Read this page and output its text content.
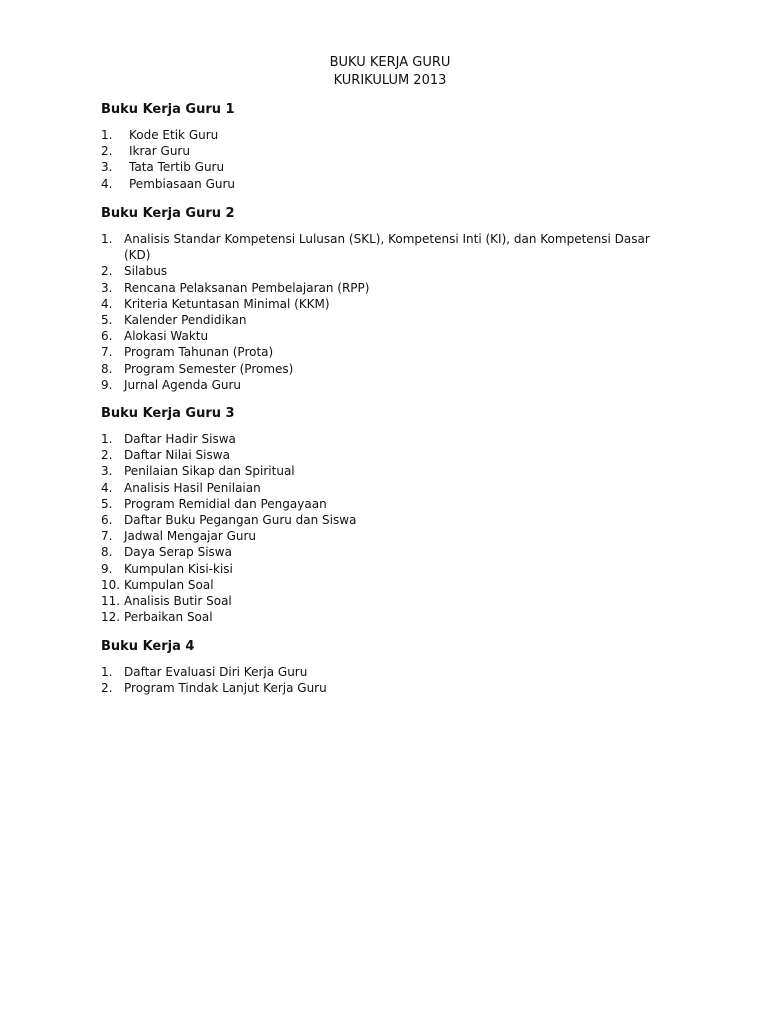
BUKU KERJA GURU
KURIKULUM 2013

Buku Kerja Guru 1

1. Kode Etik Guru
2. Ikrar Guru
3. Tata Tertib Guru
4. Pembiasaan Guru

Buku Kerja Guru 2

1. Analisis Standar Kompetensi Lulusan (SKL), Kompetensi Inti (KI), dan Kompetensi Dasar (KD)
2. Silabus
3. Rencana Pelaksanan Pembelajaran (RPP)
4. Kriteria Ketuntasan Minimal (KKM)
5. Kalender Pendidikan
6. Alokasi Waktu
7. Program Tahunan (Prota)
8. Program Semester (Promes)
9. Jurnal Agenda Guru

Buku Kerja Guru 3

1. Daftar Hadir Siswa
2. Daftar Nilai Siswa
3. Penilaian Sikap dan Spiritual
4. Analisis Hasil Penilaian
5. Program Remidial dan Pengayaan
6. Daftar Buku Pegangan Guru dan Siswa
7. Jadwal Mengajar Guru
8. Daya Serap Siswa
9. Kumpulan Kisi-kisi
10. Kumpulan Soal
11. Analisis Butir Soal
12. Perbaikan Soal

Buku Kerja 4

1. Daftar Evaluasi Diri Kerja Guru
2. Program Tindak Lanjut Kerja Guru
